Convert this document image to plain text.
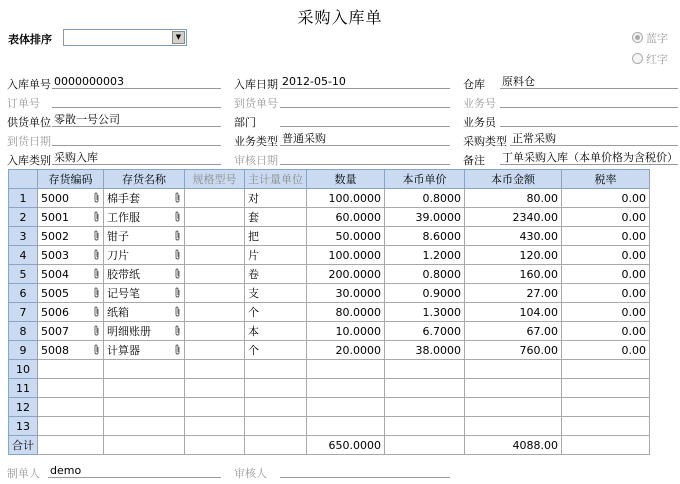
采购入库单
表体排序	▼	蓝字
红字
入库单号 0000000003	入库日期 2012-05-10	仓库 原料仓
订单号	到货单号	业务号
供货单位 零散一号公司	部门	业务员
到货日期	业务类型 普通采购	采购类型 正常采购
入库类别 采购入库	审核日期	备注 丁单采购入库（本单价格为含税价）
	存货编码	存货名称	规格型号	主计量单位	数量	本币单价	本币金额	税率
1	5000	棉手套		对	100.0000	0.8000	80.00	0.00
2	5001	工作服		套	60.0000	39.0000	2340.00	0.00
3	5002	钳子		把	50.0000	8.6000	430.00	0.00
4	5003	刀片		片	100.0000	1.2000	120.00	0.00
5	5004	胶带纸		卷	200.0000	0.8000	160.00	0.00
6	5005	记号笔		支	30.0000	0.9000	27.00	0.00
7	5006	纸箱		个	80.0000	1.3000	104.00	0.00
8	5007	明细账册		本	10.0000	6.7000	67.00	0.00
9	5008	计算器		个	20.0000	38.0000	760.00	0.00
10								
11								
12								
13								
合计					650.0000		4088.00	
制单人 demo	审核人
